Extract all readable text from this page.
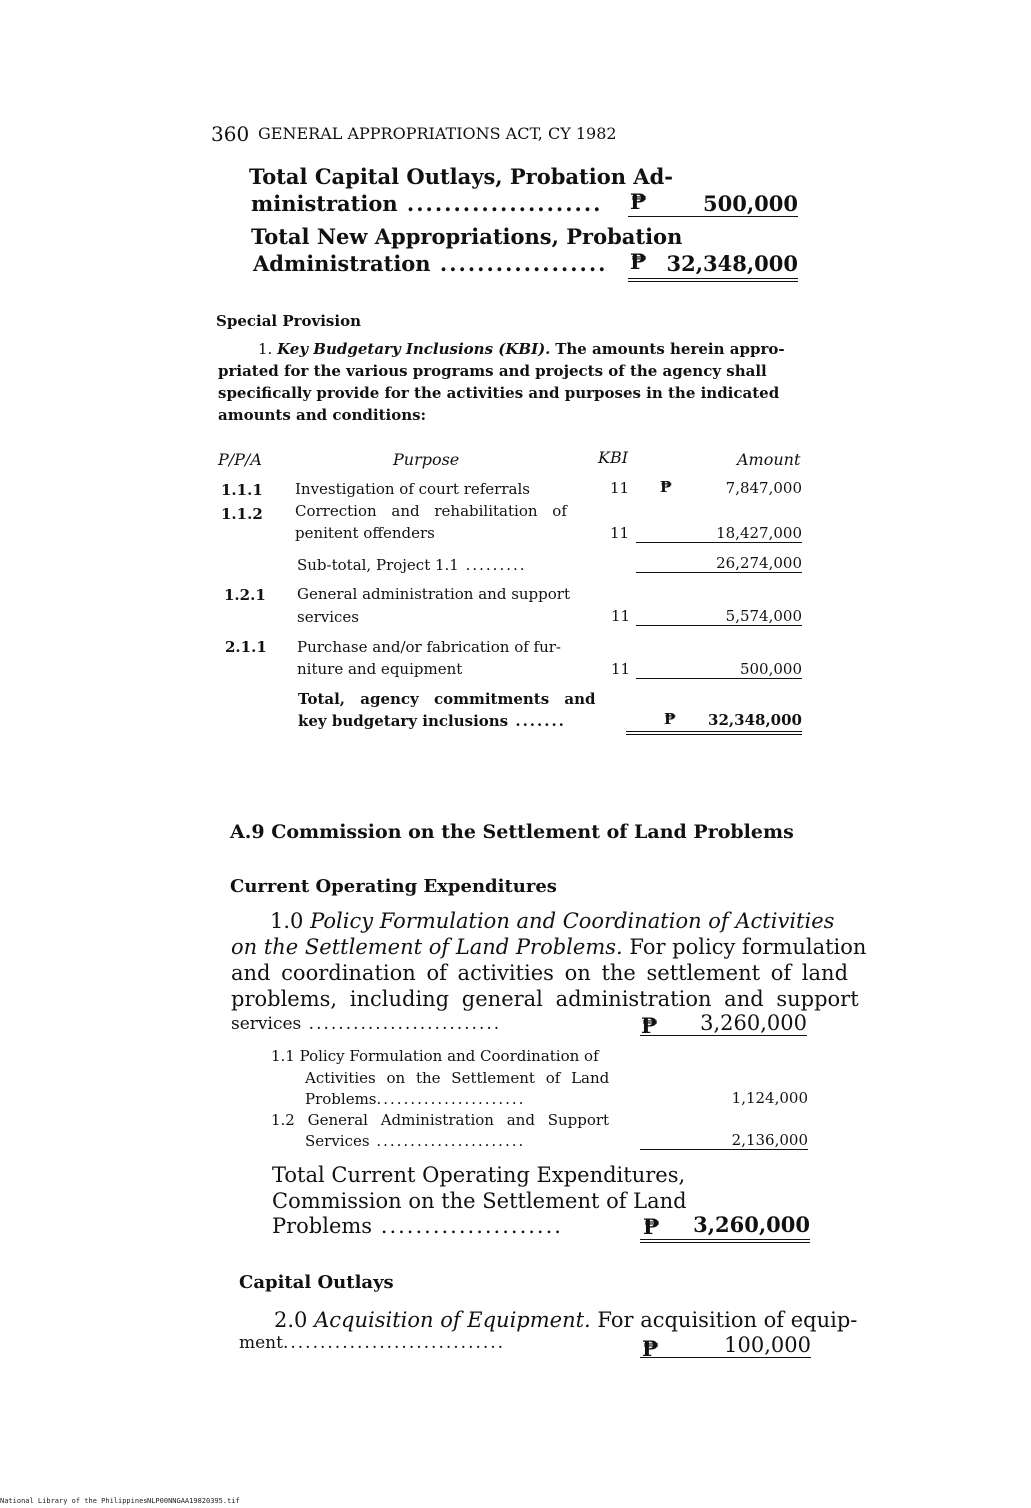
360 GENERAL APPROPRIATIONS ACT, CY 1982
Total Capital Outlays, Probation Ad-
ministration ..................... ₱	500,000
Total New Appropriations, Probation
Administration .................. ₱ 32,348,000
Special Provision
1. Key Budgetary Inclusions (KBI). The amounts herein appro-
priated for the various programs and projects of the agency shall
specifically provide for the activities and purposes in the indicated
amounts and conditions:
P/P/A	Purpose	KBI	Amount
1.1.1 Investigation of court referrals	11 ₱	7,847,000
1.1.2 Correction and rehabilitation of
penitent offenders	11	18,427,000
Sub-total, Project 1.1 .........	26,274,000
1.2.1 General administration and support
services	11	5,574,000
2.1.1 Purchase and/or fabrication of fur-
niture and equipment	11	500,000
Total, agency commitments and
key budgetary inclusions .......	₱	32,348,000
A.9 Commission on the Settlement of Land Problems
Current Operating Expenditures
1.0 Policy Formulation and Coordination of Activities
on the Settlement of Land Problems. For policy formulation
and coordination of activities on the settlement of land
problems, including general administration and support
services ..........................	₱	3,260,000
1.1 Policy Formulation and Coordination of
Activities on the Settlement of Land
Problems......................	1,124,000
1.2 General Administration and Support
Services ......................	2,136,000
Total Current Operating Expenditures,
Commission on the Settlement of Land
Problems .....................	₱	3,260,000
Capital Outlays
2.0 Acquisition of Equipment. For acquisition of equip-
ment..............................	₱	100,000
National Library of the Philippines NLP00NNGAA19820395.tif
